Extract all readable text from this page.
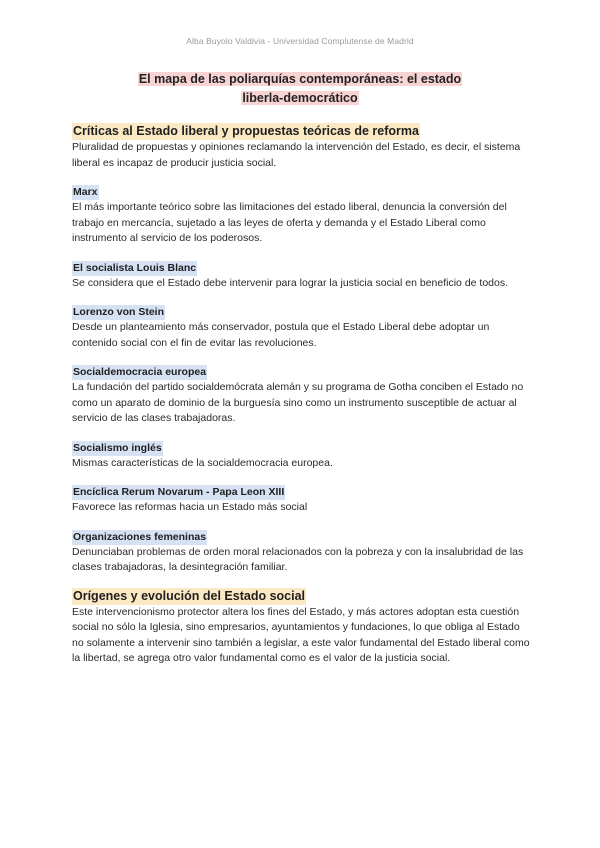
Alba Buyolo Valdivia - Universidad Complutense de Madrid
El mapa de las poliarquías contemporáneas: el estado
liberla-democrático
Críticas al Estado liberal y propuestas teóricas de reforma

Pluralidad de propuestas y opiniones reclamando la intervención del Estado, es decir, el sistema liberal es incapaz de producir justicia social.

Marx

El más importante teórico sobre las limitaciones del estado liberal, denuncia la conversión del trabajo en mercancía, sujetado a las leyes de oferta y demanda y el Estado Liberal como instrumento al servicio de los poderosos.

El socialista Louis Blanc

Se considera que el Estado debe intervenir para lograr la justicia social en beneficio de todos.

Lorenzo von Stein

Desde un planteamiento más conservador, postula que el Estado Liberal debe adoptar un contenido social con el fin de evitar las revoluciones.

Socialdemocracia europea

La fundación del partido socialdemócrata alemán y su programa de Gotha conciben el Estado no como un aparato de dominio de la burguesía sino como un instrumento susceptible de actuar al servicio de las clases trabajadoras.

Socialismo inglés

Mismas características de la socialdemocracia europea.

Encíclica Rerum Novarum - Papa Leon XIII

Favorece las reformas hacia un Estado más social

Organizaciones femeninas

Denunciaban problemas de orden moral relacionados con la pobreza y con la insalubridad de las clases trabajadoras, la desintegración familiar.

Orígenes y evolución del Estado social

Este intervencionismo protector altera los fines del Estado, y más actores adoptan esta cuestión social no sólo la Iglesia, sino empresarios, ayuntamientos y fundaciones, lo que obliga al Estado no solamente a intervenir sino también a legislar, a este valor fundamental del Estado liberal como la libertad, se agrega otro valor fundamental como es el valor de la justicia social.
